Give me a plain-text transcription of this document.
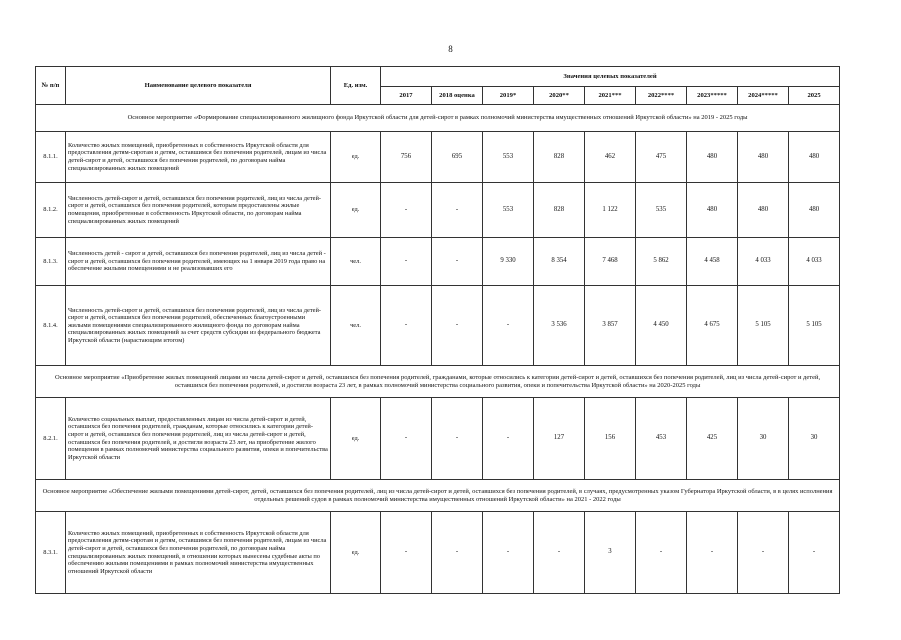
8
№ п/п	Наименование целевого показателя	Ед. изм.	Значения целевых показателей								
			2017	2018 оценка	2019*	2020**	2021***	2022****	2023*****	2024*****	2025
Основное мероприятие «Формирование специализированного жилищного фонда Иркутской области для детей-сирот в рамках полномочий министерства имущественных отношений Иркутской области» на 2019 - 2025 годы											
8.1.1.	Количество жилых помещений, приобретенных в собственность Иркутской области для предоставления детям-сиротам и детям, оставшимся без попечения родителей, лицам из числа детей-сирот и детей, оставшихся без попечения родителей, по договорам найма специализированных жилых помещений	ед.	756	695	553	828	462	475	480	480	480
8.1.2.	Численность детей-сирот и детей, оставшихся без попечения родителей, лиц из числа детей-сирот и детей, оставшихся без попечения родителей, которым предоставлены жилые помещения, приобретенные в собственность Иркутской области, по договорам найма специализированных жилых помещений	ед.	-	-	553	828	1 122	535	480	480	480
8.1.3.	Численность детей - сирот и детей, оставшихся без попечения родителей, лиц из числа детей - сирот и детей, оставшихся без попечения родителей, имеющих на 1 января 2019 года право на обеспечение жилыми помещениями и не реализовавших его	чел.	-	-	9 330	8 354	7 468	5 862	4 458	4 033	4 033
8.1.4.	Численность детей-сирот и детей, оставшихся без попечения родителей, лиц из числа детей-сирот и детей, оставшихся без попечения родителей, обеспеченных благоустроенными жилыми помещениями специализированного жилищного фонда по договорам найма специализированных жилых помещений за счет средств субсидии из федерального бюджета Иркутской области (нарастающим итогом)	чел.	-	-	-	3 536	3 857	4 450	4 675	5 105	5 105
Основное мероприятие «Приобретение жилых помещений лицами из числа детей-сирот и детей, оставшихся без попечения родителей, гражданами, которые относились к категории детей-сирот и детей, оставшихся без попечения родителей, лиц из числа детей-сирот и детей, оставшихся без попечения родителей, и достигли возраста 23 лет, в рамках полномочий министерства социального развития, опеки и попечительства Иркутской области» на 2020-2025 годы											
8.2.1.	Количество социальных выплат, предоставленных лицам из числа детей-сирот и детей, оставшихся без попечения родителей, гражданам, которые относились к категории детей-сирот и детей, оставшихся без попечения родителей, лиц из числа детей-сирот и детей, оставшихся без попечения родителей, и достигли возраста 23 лет, на приобретение жилого помещения в рамках полномочий министерства социального развития, опеки и попечительства Иркутской области	ед.	-	-	-	127	156	453	425	30	30
Основное мероприятие «Обеспечение жилыми помещениями детей-сирот, детей, оставшихся без попечения родителей, лиц из числа детей-сирот и детей, оставшихся без попечения родителей, в случаях, предусмотренных указом Губернатора Иркутской области, в в целях исполнения отдельных решений судов в рамках полномочий министерства имущественных отношений Иркутской области» на 2021 - 2022 годы											
8.3.1.	Количество жилых помещений, приобретенных в собственность Иркутской области для предоставления детям-сиротам и детям, оставшимся без попечения родителей, лицам из числа детей-сирот и детей, оставшихся без попечения родителей, по договорам найма специализированных жилых помещений, в отношении которых вынесены судебные акты по обеспечению жилыми помещениями в рамках полномочий министерства имущественных отношений Иркутской области	ед.	-	-	-	-	3	-	-	-	-
